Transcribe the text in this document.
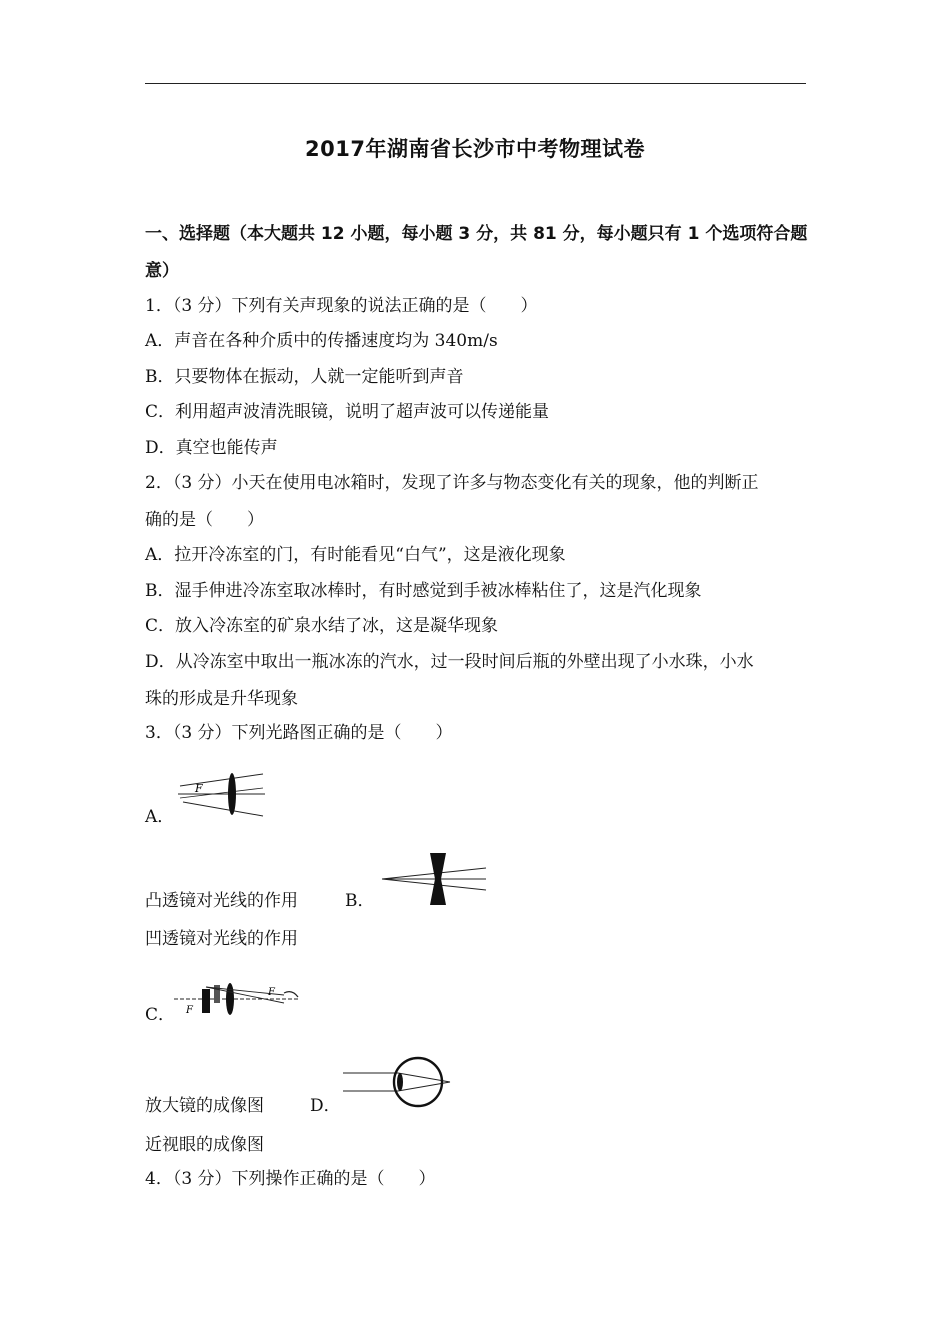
2017年湖南省长沙市中考物理试卷
一、选择题（本大题共 12 小题，每小题 3 分，共 81 分，每小题只有 1 个选项符合题
意）
1．（3 分）下列有关声现象的说法正确的是（　　）
A．声音在各种介质中的传播速度均为 340m/s
B．只要物体在振动，人就一定能听到声音
C．利用超声波清洗眼镜，说明了超声波可以传递能量
D．真空也能传声
2．（3 分）小天在使用电冰箱时，发现了许多与物态变化有关的现象，他的判断正
确的是（　　）
A．拉开冷冻室的门，有时能看见“白气”，这是液化现象
B．湿手伸进冷冻室取冰棒时，有时感觉到手被冰棒粘住了，这是汽化现象
C．放入冷冻室的矿泉水结了冰，这是凝华现象
D．从冷冻室中取出一瓶冰冻的汽水，过一段时间后瓶的外壁出现了小水珠，小水
珠的形成是升华现象
3．（3 分）下列光路图正确的是（　　）
F
A．
凸透镜对光线的作用	B．
凹透镜对光线的作用
F
F
C．
放大镜的成像图	D．
近视眼的成像图
4．（3 分）下列操作正确的是（　　）
